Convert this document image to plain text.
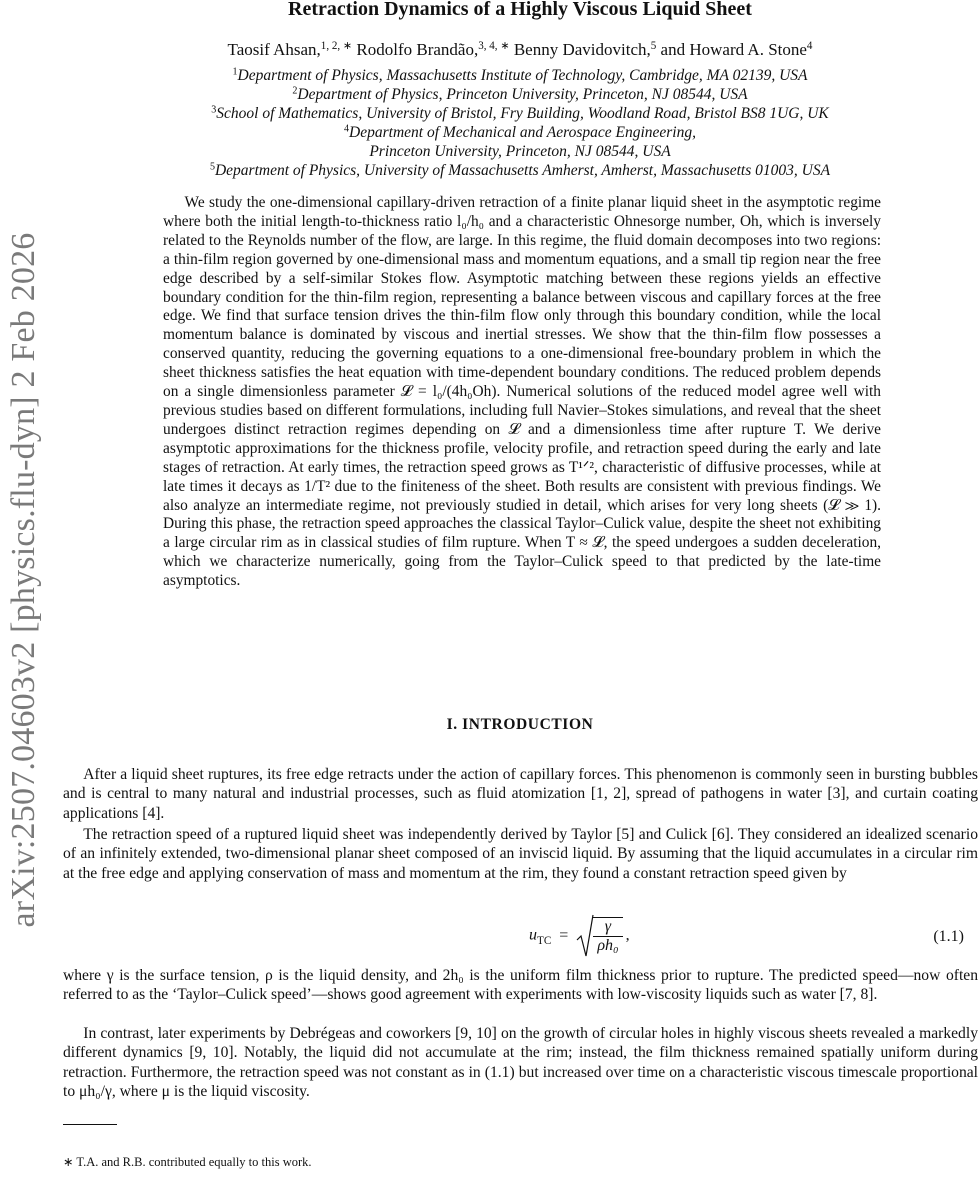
arXiv:2507.04603v2 [physics.flu-dyn] 2 Feb 2026
Retraction Dynamics of a Highly Viscous Liquid Sheet
Taosif Ahsan,$^{1, 2, ∗}$ Rodolfo Brandão,$^{3, 4, ∗}$ Benny Davidovitch,$^5$ and Howard A. Stone$^4$
$^1$Department of Physics, Massachusetts Institute of Technology, Cambridge, MA 02139, USA
$^2$Department of Physics, Princeton University, Princeton, NJ 08544, USA
$^3$School of Mathematics, University of Bristol, Fry Building, Woodland Road, Bristol BS8 1UG, UK
$^4$Department of Mechanical and Aerospace Engineering,
Princeton University, Princeton, NJ 08544, USA
$^5$Department of Physics, University of Massachusetts Amherst, Amherst, Massachusetts 01003, USA

We study the one-dimensional capillary-driven retraction of a finite planar liquid sheet in the asymptotic regime where both the initial length-to-thickness ratio l₀/h₀ and a characteristic Ohnesorge number, Oh, which is inversely related to the Reynolds number of the flow, are large. In this regime, the fluid domain decomposes into two regions: a thin-film region governed by one-dimensional mass and momentum equations, and a small tip region near the free edge described by a self-similar Stokes flow. Asymptotic matching between these regions yields an effective boundary condition for the thin-film region, representing a balance between viscous and capillary forces at the free edge. We find that surface tension drives the thin-film flow only through this boundary condition, while the local momentum balance is dominated by viscous and inertial stresses. We show that the thin-film flow possesses a conserved quantity, reducing the governing equations to a one-dimensional free-boundary problem in which the sheet thickness satisfies the heat equation with time-dependent boundary conditions. The reduced problem depends on a single dimensionless parameter 𝓛 = l₀/(4h₀Oh). Numerical solutions of the reduced model agree well with previous studies based on different formulations, including full Navier–Stokes simulations, and reveal that the sheet undergoes distinct retraction regimes depending on 𝓛 and a dimensionless time after rupture T. We derive asymptotic approximations for the thickness profile, velocity profile, and retraction speed during the early and late stages of retraction. At early times, the retraction speed grows as T¹ᐟ², characteristic of diffusive processes, while at late times it decays as 1/T² due to the finiteness of the sheet. Both results are consistent with previous findings. We also analyze an intermediate regime, not previously studied in detail, which arises for very long sheets (𝓛 ≫ 1). During this phase, the retraction speed approaches the classical Taylor–Culick value, despite the sheet not exhibiting a large circular rim as in classical studies of film rupture. When T ≈ 𝓛, the speed undergoes a sudden deceleration, which we characterize numerically, going from the Taylor–Culick speed to that predicted by the late-time asymptotics.

I. INTRODUCTION

After a liquid sheet ruptures, its free edge retracts under the action of capillary forces. This phenomenon is commonly seen in bursting bubbles and is central to many natural and industrial processes, such as fluid atomization [1, 2], spread of pathogens in water [3], and curtain coating applications [4].

The retraction speed of a ruptured liquid sheet was independently derived by Taylor [5] and Culick [6]. They considered an idealized scenario of an infinitely extended, two-dimensional planar sheet composed of an inviscid liquid. By assuming that the liquid accumulates in a circular rim at the free edge and applying conservation of mass and momentum at the rim, they found a constant retraction speed given by

$u_{TC} = \frac{\gamma}{\text{ρh₀}}$ ,	(1.1)

where γ is the surface tension, ρ is the liquid density, and 2h₀ is the uniform film thickness prior to rupture. The predicted speed—now often referred to as the ‘Taylor–Culick speed’—shows good agreement with experiments with low-viscosity liquids such as water [7, 8].

In contrast, later experiments by Debrégeas and coworkers [9, 10] on the growth of circular holes in highly viscous sheets revealed a markedly different dynamics [9, 10]. Notably, the liquid did not accumulate at the rim; instead, the film thickness remained spatially uniform during retraction. Furthermore, the retraction speed was not constant as in (1.1) but increased over time on a characteristic viscous timescale proportional to μh₀/γ, where μ is the liquid viscosity.

∗ T.A. and R.B. contributed equally to this work.
